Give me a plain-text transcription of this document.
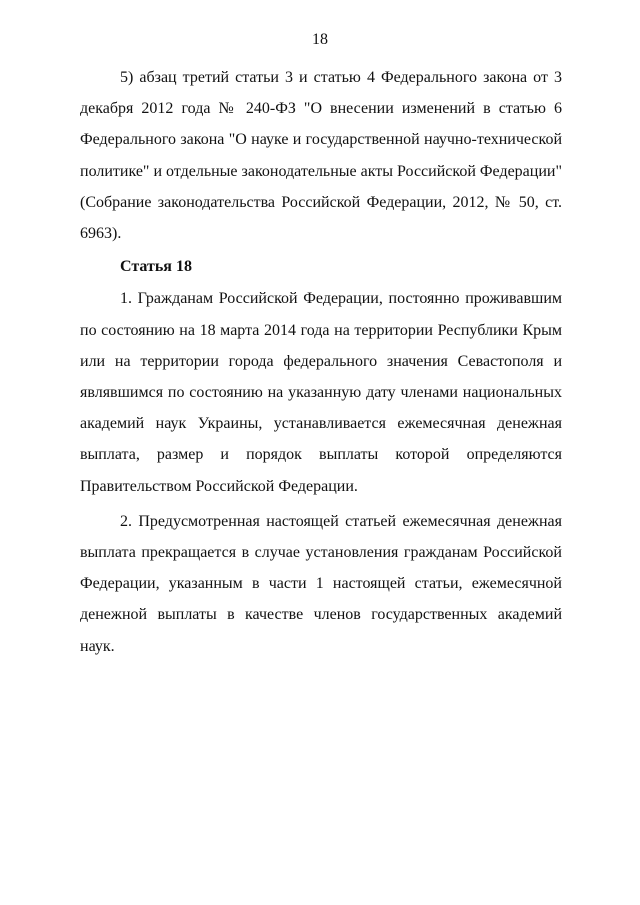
18

5) абзац третий статьи 3 и статью 4 Федерального закона от 3 декабря 2012 года № 240-ФЗ "О внесении изменений в статью 6 Федерального закона "О науке и государственной научно-технической политике" и отдельные законодательные акты Российской Федерации" (Собрание законодательства Российской Федерации, 2012, № 50, ст. 6963).

Статья 18

1. Гражданам Российской Федерации, постоянно проживавшим по состоянию на 18 марта 2014 года на территории Республики Крым или на территории города федерального значения Севастополя и являвшимся по состоянию на указанную дату членами национальных академий наук Украины, устанавливается ежемесячная денежная выплата, размер и порядок выплаты которой определяются Правительством Российской Федерации.

2. Предусмотренная настоящей статьей ежемесячная денежная выплата прекращается в случае установления гражданам Российской Федерации, указанным в части 1 настоящей статьи, ежемесячной денежной выплаты в качестве членов государственных академий наук.
